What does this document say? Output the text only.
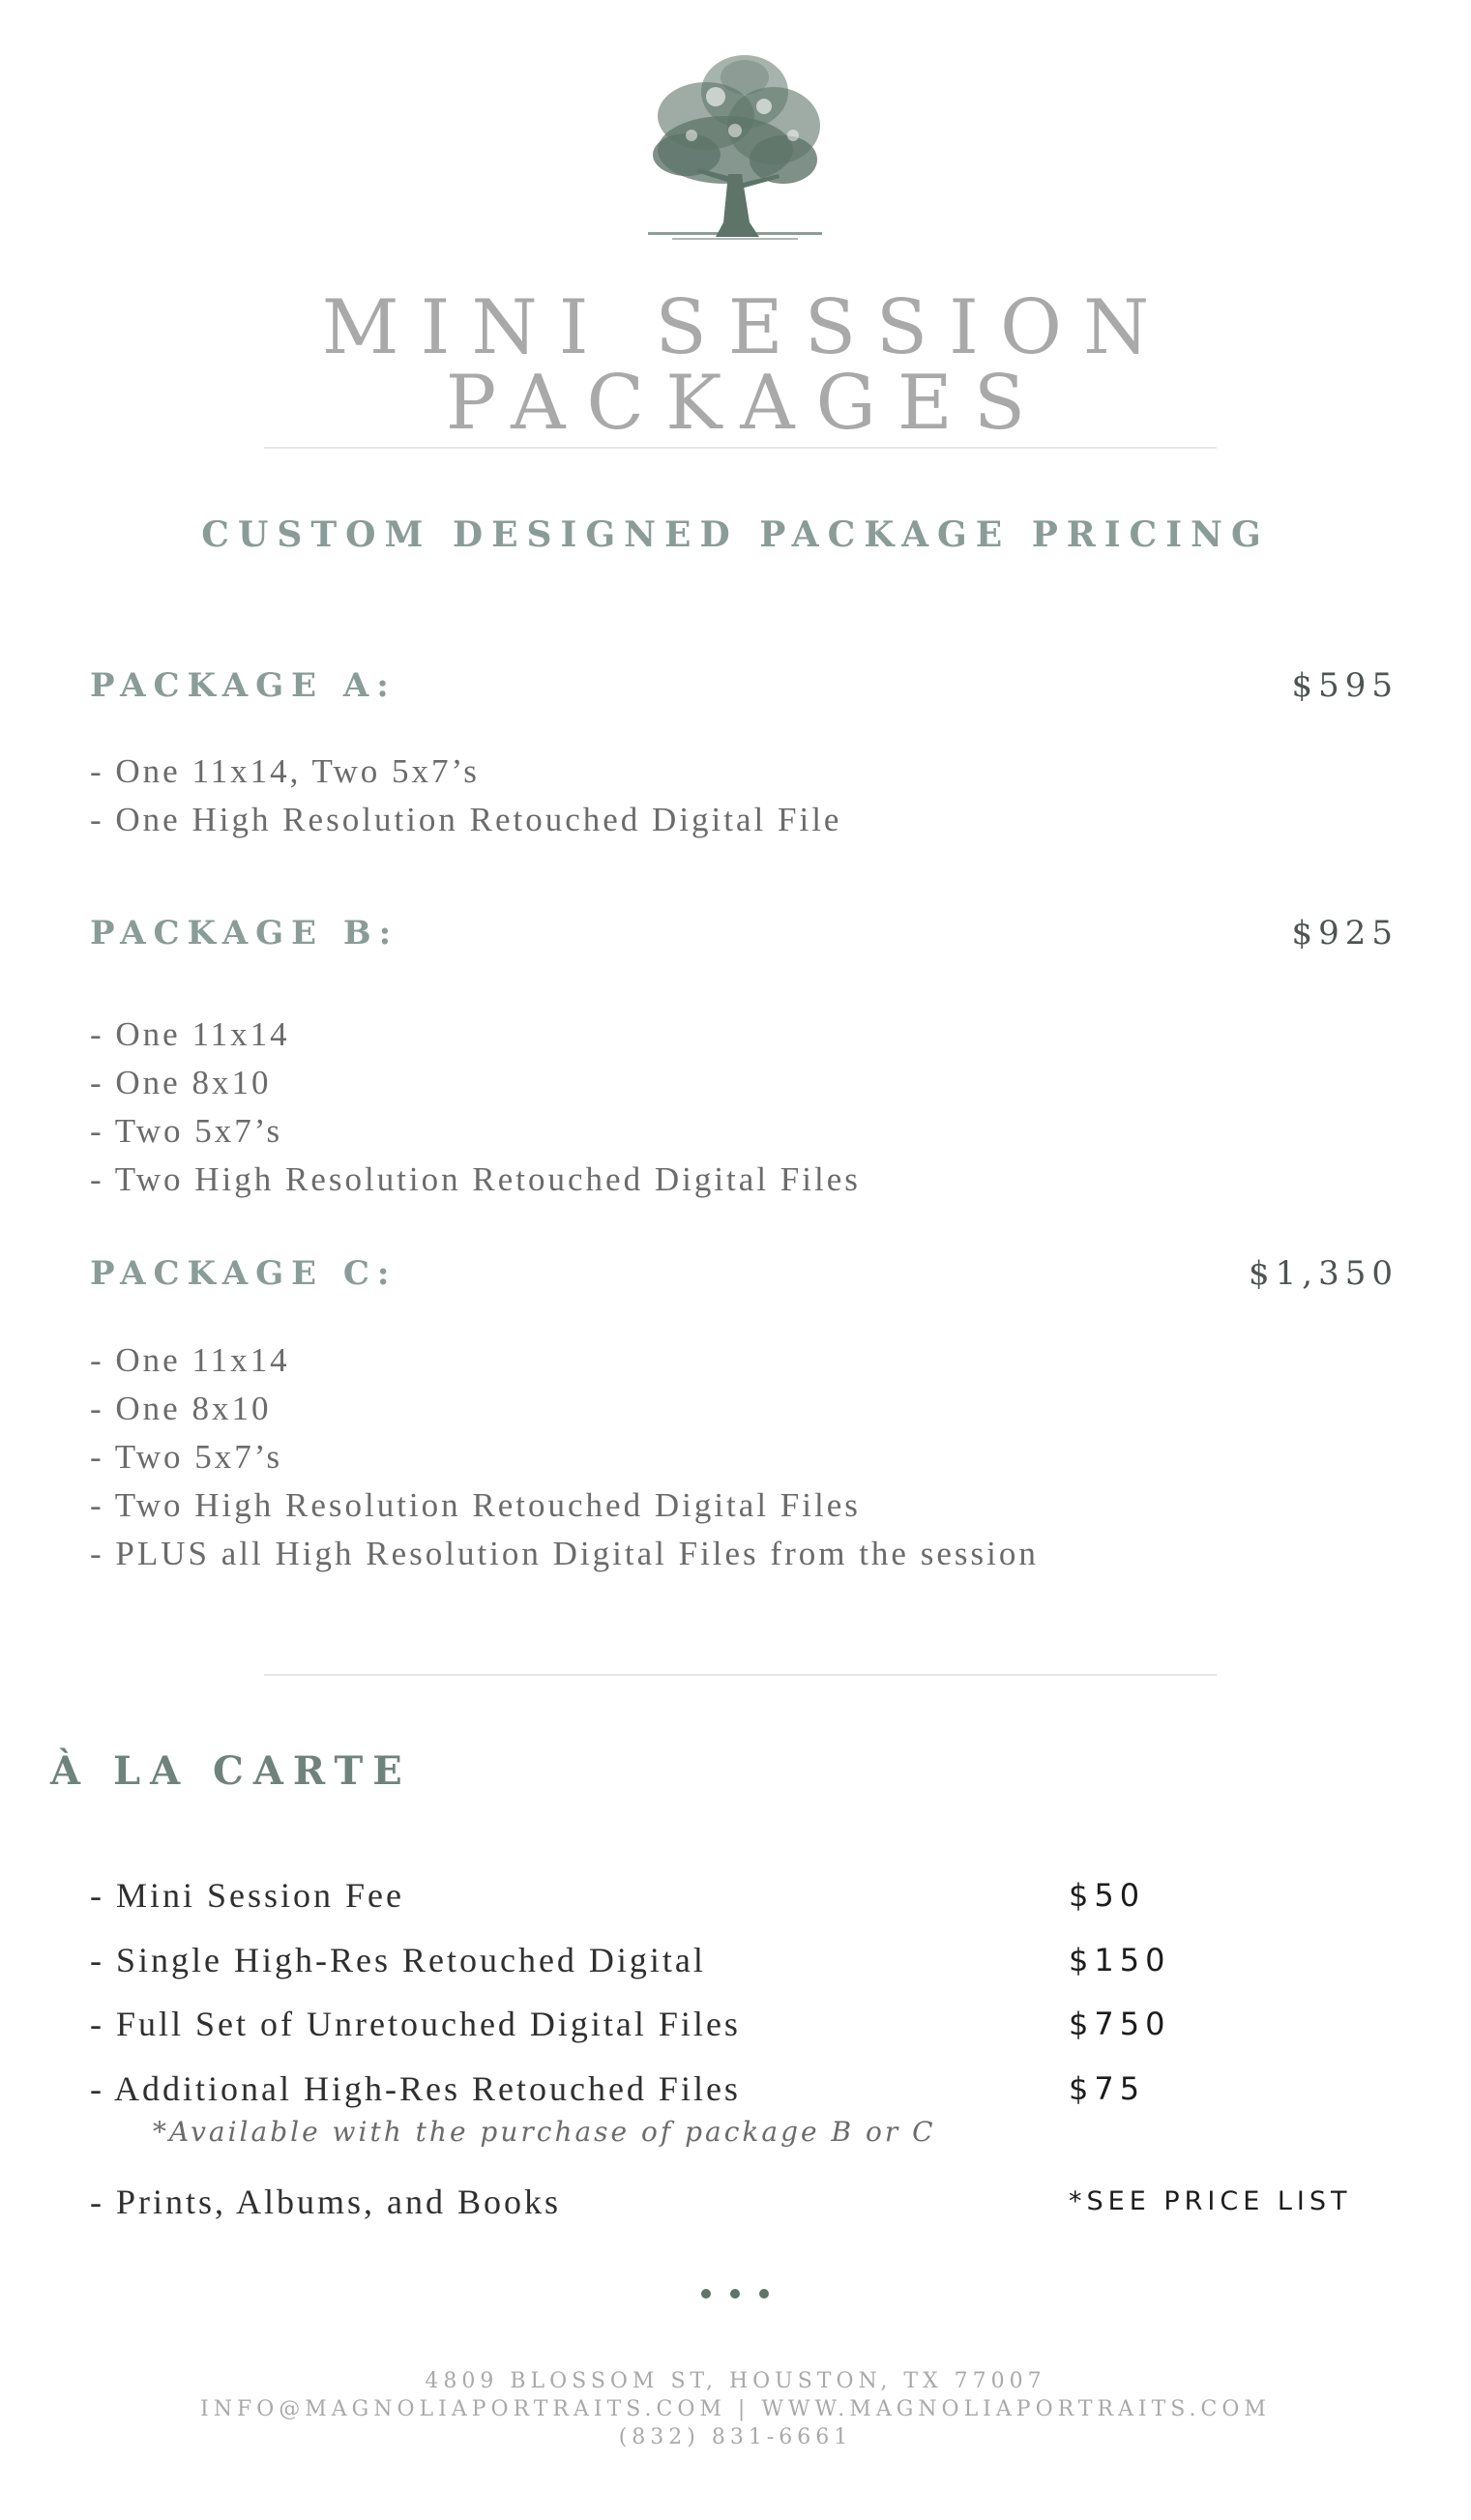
MINI SESSION PACKAGES
CUSTOM DESIGNED PACKAGE PRICING
PACKAGE A:	$595
- One 11x14, Two 5x7’s
- One High Resolution Retouched Digital File
PACKAGE B:	$925
- One 11x14
- One 8x10
- Two 5x7’s
- Two High Resolution Retouched Digital Files
PACKAGE C:	$1,350
- One 11x14
- One 8x10
- Two 5x7’s
- Two High Resolution Retouched Digital Files
- PLUS all High Resolution Digital Files from the session
À LA CARTE
- Mini Session Fee	$50
- Single High-Res Retouched Digital	$150
- Full Set of Unretouched Digital Files	$750
- Additional High-Res Retouched Files	$75
*Available with the purchase of package B or C
- Prints, Albums, and Books	*SEE PRICE LIST
4809 BLOSSOM ST, HOUSTON, TX 77007
INFO@MAGNOLIAPORTRAITS.COM | WWW.MAGNOLIAPORTRAITS.COM
(832) 831-6661
